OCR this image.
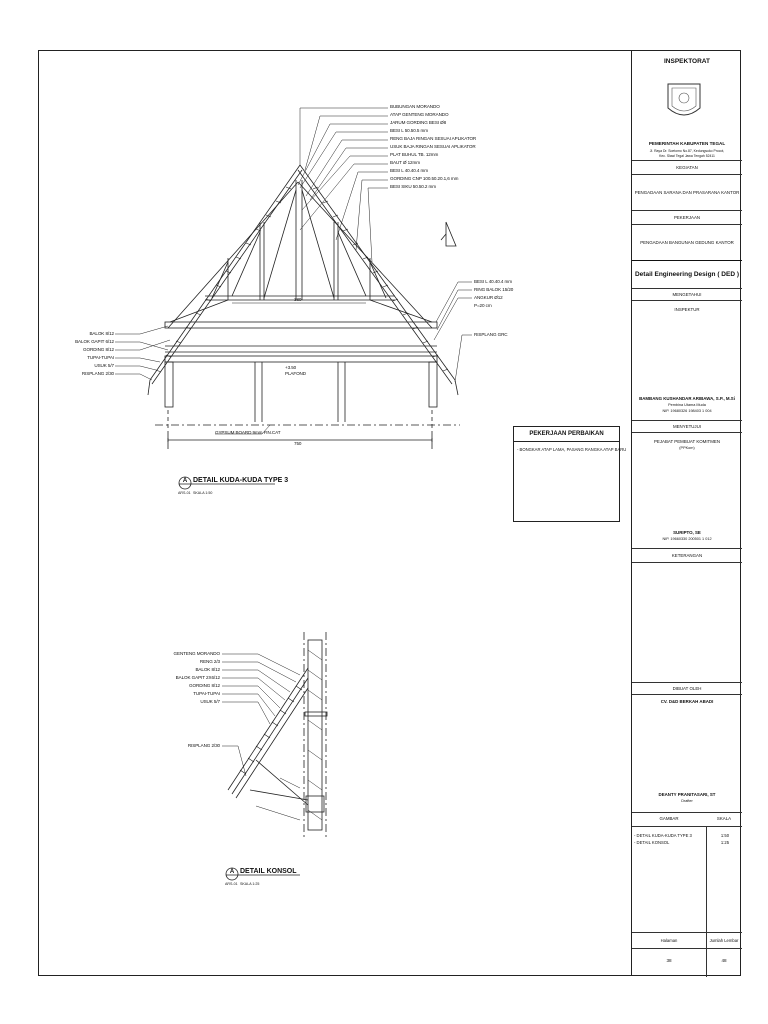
BUBUNGAN MORANDO
ATAP GENTENG MORANDO
JARUM GORDING BESI Ø8
BESI L 50.50.5 mm
RENG BAJA RINGAN SESUAI APLIKATOR
USUK BAJA RINGAN SESUAI APLIKATOR
PLAT BUHUL TB. 12mm
BAUT Ø 12mm
BESI L 40.40.4 mm
GORDING CNP 100.50.20.1,6 mm
BESI SIKU 50.50.2 mm
BESI L 40.40.4 mm
RING BALOK 15/20
ANGKUR Ø12
P=20 cm
RISPLANG GRC
BALOK 8/12
BALOK GAPIT 6/12
GORDING 8/12
TUPAI-TUPAI
USUK 5/7
RISPLANG 2/30
+3.50
PLAFOND
GYPSUM BOARD 9mm FIN.CAT
750
380
A DETAIL KUDA-KUDA TYPE 3
ARS-01 SKALA 1:50
PEKERJAAN PERBAIKAN
- BONGKAR ATAP LAMA, PASANG RANGKA ATAP BARU
GENTENG MORANDO
RENG 2/3
BALOK 8/12
BALOK GAPIT 2X6/12
GORDING 8/12
TUPAI-TUPAI
USUK 5/7
RISPLANG 2/30
A DETAIL KONSOL
ARS-01 SKALA 1:25
INSPEKTORAT
PEMERINTAH KABUPATEN TEGAL
Jl. Raya Dr. Soetomo No.87, Kedungsuko Procot,
Kec. Slawi Tegal Jawa Tengah 52411
KEGIATAN
PENGADAAN SARANA DAN PRASARANA KANTOR
PEKERJAAN
PENGADAAN BANGUNAN GEDUNG KANTOR
Detail Engineering Design ( DED )
MENGETAHUI
INSPEKTUR
BAMBANG KUSHANDAR ARIBAWA, S.P., M.Si
Pembina Utama Muda
NIP. 19680326 198403 1 004
MENYETUJUI
PEJABAT PEMBUAT KOMITMEN
(PPKom)
SURIPTO, SE
NIP. 19660330 200501 1 012
KETERANGAN
DIBUAT OLEH
CV. D&D BERKAH ABADI
DEANTY PRANITASARI, ST
Drafter
GAMBAR	SKALA
- DETAIL KUDA-KUDA TYPE 3	1:50
- DETAIL KONSOL	1:25
Halaman	Jumlah Lembar
38	48
